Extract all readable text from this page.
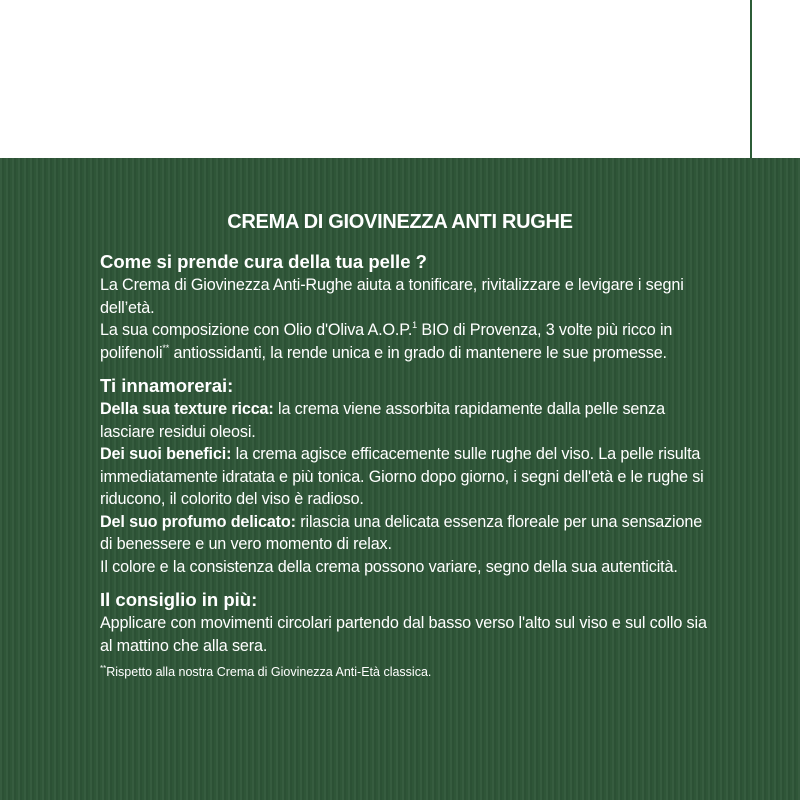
CREMA DI GIOVINEZZA ANTI RUGHE
Come si prende cura della tua pelle ?

La Crema di Giovinezza Anti-Rughe aiuta a tonificare, rivitalizzare e levigare i segni dell’età.

La sua composizione con Olio d'Oliva A.O.P.$^1$ BIO di Provenza, 3 volte più ricco in polifenoli** antiossidanti, la rende unica e in grado di mantenere le sue promesse.

Ti innamorerai:

Della sua texture ricca: la crema viene assorbita rapidamente dalla pelle senza lasciare residui oleosi.

Dei suoi benefici: la crema agisce efficacemente sulle rughe del viso. La pelle risulta immediatamente idratata e più tonica. Giorno dopo giorno, i segni dell'età e le rughe si riducono, il colorito del viso è radioso.

Del suo profumo delicato: rilascia una delicata essenza floreale per una sensazione di benessere e un vero momento di relax.

Il colore e la consistenza della crema possono variare, segno della sua autenticità.

Il consiglio in più:

Applicare con movimenti circolari partendo dal basso verso l'alto sul viso e sul collo sia al mattino che alla sera.

**Rispetto alla nostra Crema di Giovinezza Anti-Età classica.
